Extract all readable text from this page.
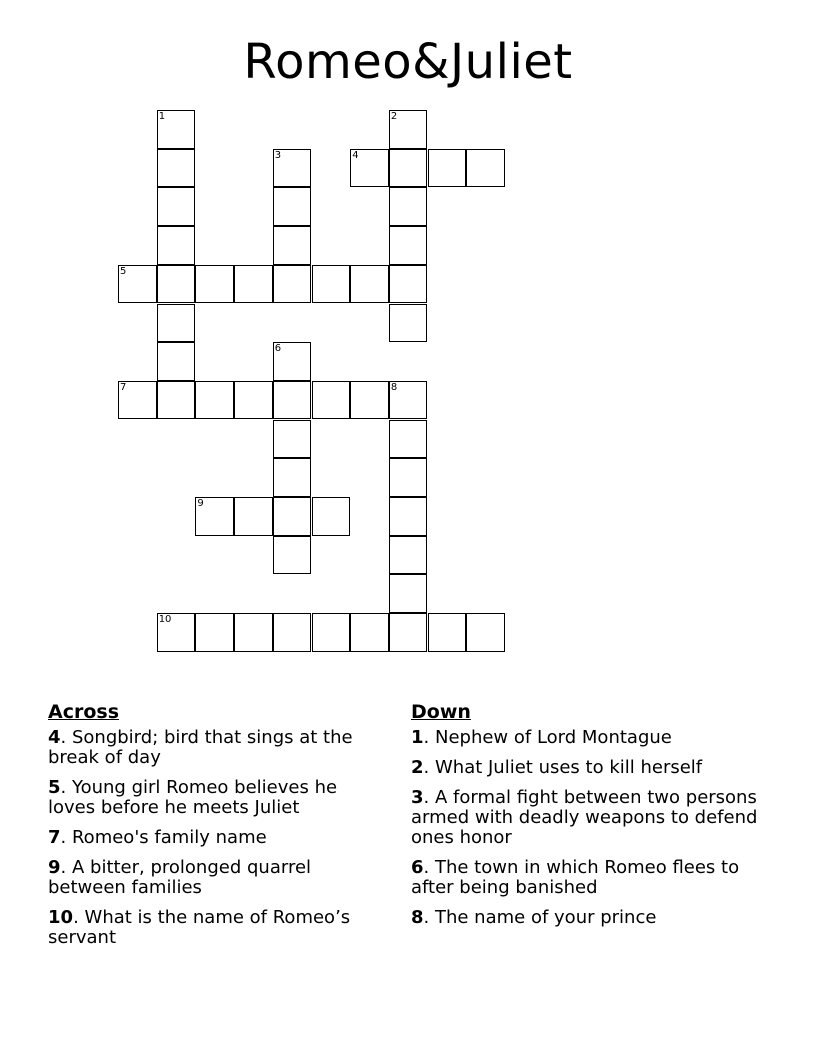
Romeo&Juliet
1	2
3	4
5
6
7	8
9
10
Across
4. Songbird; bird that sings at the break of day
5. Young girl Romeo believes he loves before he meets Juliet
7. Romeo's family name
9. A bitter, prolonged quarrel between families
10. What is the name of Romeo’s servant
Down
1. Nephew of Lord Montague
2. What Juliet uses to kill herself
3. A formal fight between two persons armed with deadly weapons to defend ones honor
6. The town in which Romeo flees to after being banished
8. The name of your prince
